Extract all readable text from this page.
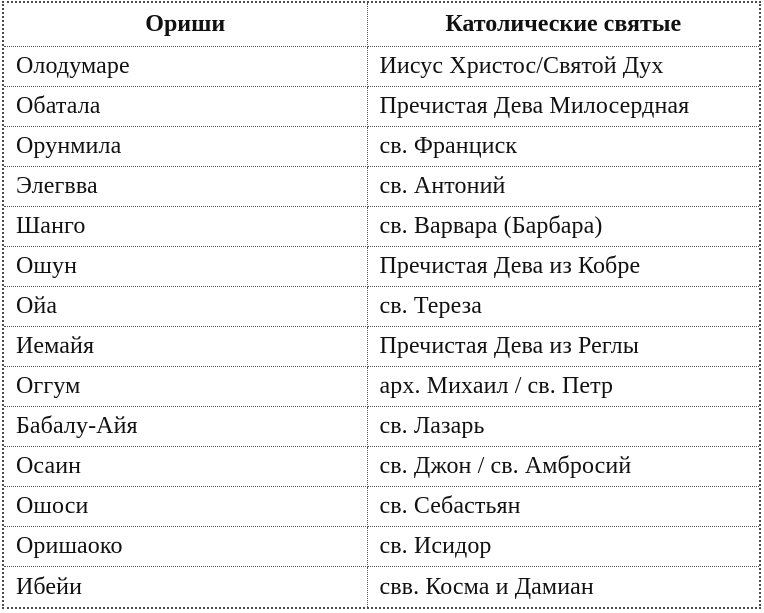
Ориши	Католические святые
Олодумаре	Иисус Христос/Святой Дух
Обатала	Пречистая Дева Милосердная
Орунмила	св. Франциск
Элегвва	св. Антоний
Шанго	св. Варвара (Барбара)
Ошун	Пречистая Дева из Кобре
Ойа	св. Тереза
Иемайя	Пречистая Дева из Реглы
Оггум	арх. Михаил / св. Петр
Бабалу-Айя	св. Лазарь
Осаин	св. Джон / св. Амбросий
Ошоси	св. Себастьян
Оришаоко	св. Исидор
Ибейи	свв. Косма и Дамиан
